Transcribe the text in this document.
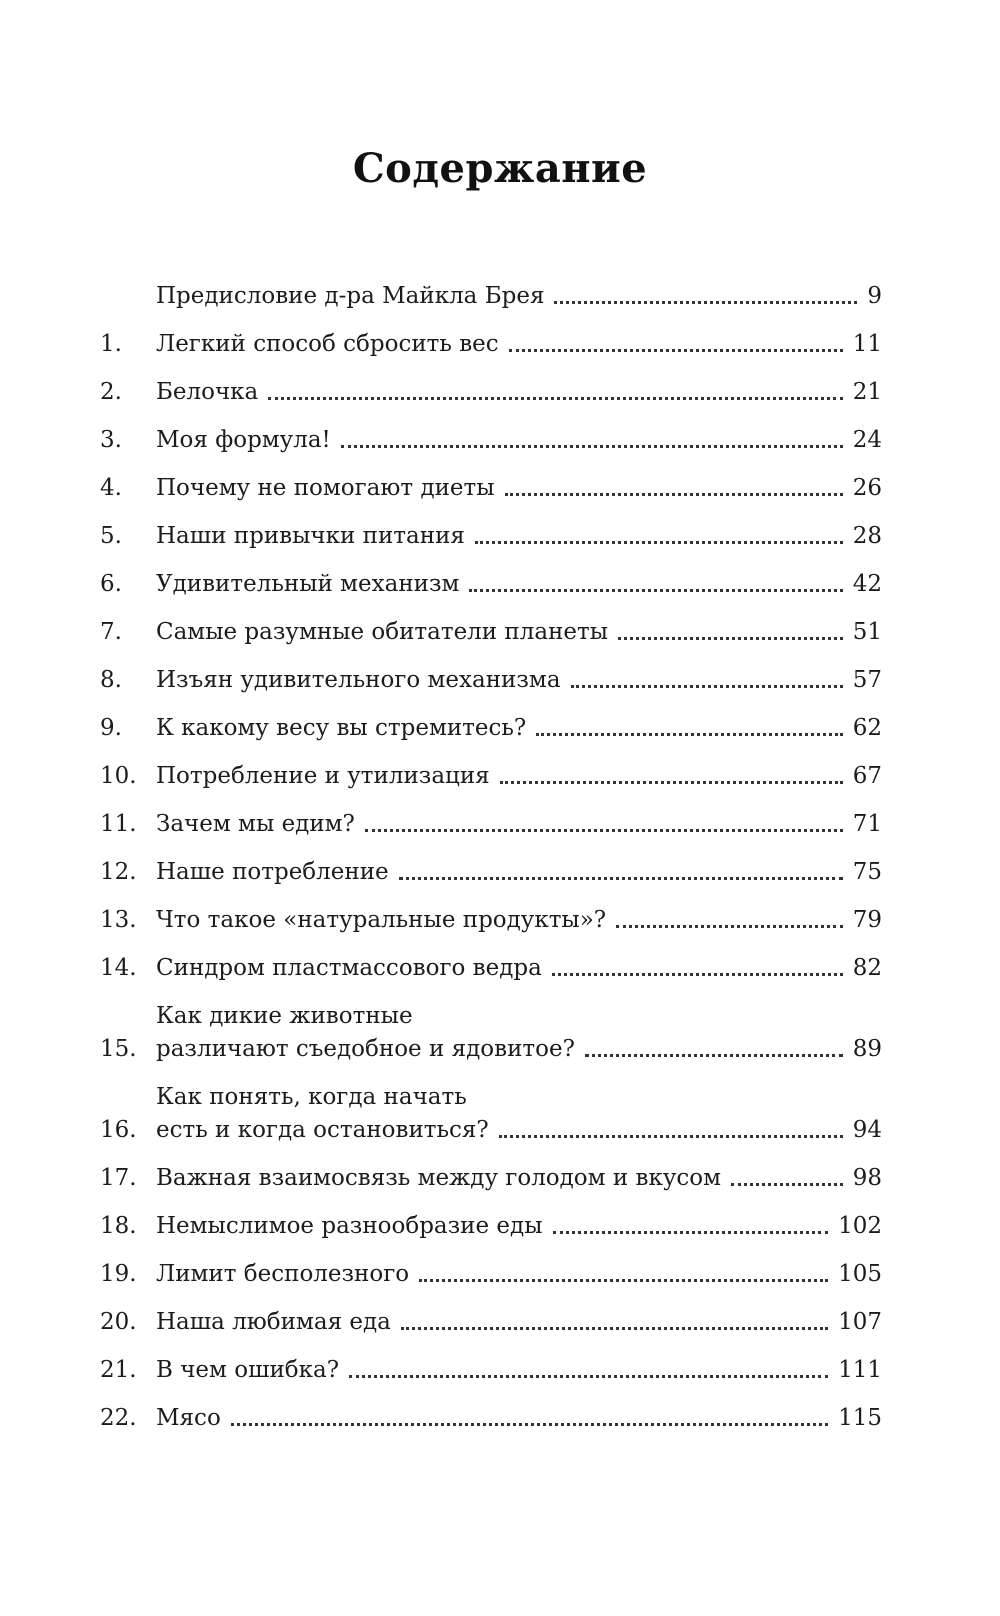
Содержание
Предисловие д-ра Майкла Брея	9
1.	Легкий способ сбросить вес	11
2.	Белочка	21
3.	Моя формула!	24
4.	Почему не помогают диеты	26
5.	Наши привычки питания	28
6.	Удивительный механизм	42
7.	Самые разумные обитатели планеты	51
8.	Изъян удивительного механизма	57
9.	К какому весу вы стремитесь?	62
10. Потребление и утилизация	67
11. Зачем мы едим?	71
12. Наше потребление	75
13. Что такое «натуральные продукты»?	79
14. Синдром пластмассового ведра	82
15.
Как дикие животные
различают съедобное и ядовитое?	89
16.
Как понять, когда начать
есть и когда остановиться?	94
17. Важная взаимосвязь между голодом и вкусом	98
18. Немыслимое разнообразие еды	102
19. Лимит бесполезного	105
20. Наша любимая еда	107
21. В чем ошибка?	111
22. Мясо	115
